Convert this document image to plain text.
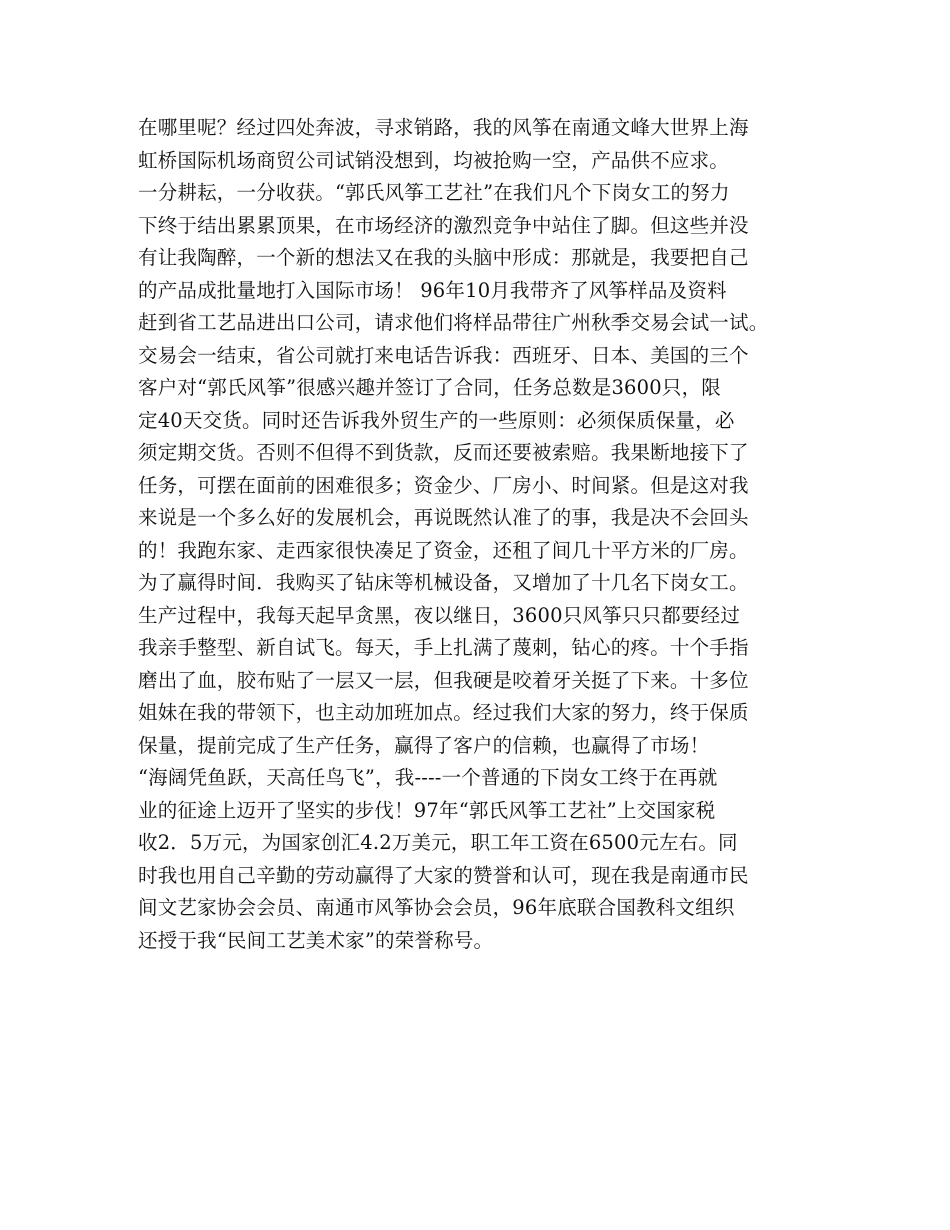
在哪里呢？经过四处奔波，寻求销路，我的风筝在南通文峰大世界上海
虹桥国际机场商贸公司试销没想到，均被抢购一空，产品供不应求。
一分耕耘，一分收获。“郭氏风筝工艺社”在我们凡个下岗女工的努力
下终于结出累累顶果，在市场经济的激烈竞争中站住了脚。但这些并没
有让我陶醉，一个新的想法又在我的头脑中形成：那就是，我要把自己
的产品成批量地打入国际市场！ 96年10月我带齐了风筝样品及资料
赶到省工艺品进出口公司，请求他们将样品带往广州秋季交易会试一试。
交易会一结束，省公司就打来电话告诉我：西班牙、日本、美国的三个
客户对“郭氏风筝”很感兴趣并签订了合同，任务总数是3600只，限
定40天交货。同时还告诉我外贸生产的一些原则：必须保质保量，必
须定期交货。否则不但得不到货款，反而还要被索赔。我果断地接下了
任务，可摆在面前的困难很多；资金少、厂房小、时间紧。但是这对我
来说是一个多么好的发展机会，再说既然认准了的事，我是决不会回头
的！我跑东家、走西家很快凑足了资金，还租了间几十平方米的厂房。
为了赢得时间．我购买了钻床等机械设备，又增加了十几名下岗女工。
生产过程中，我每天起早贪黑，夜以继日，3600只风筝只只都要经过
我亲手整型、新自试飞。每天，手上扎满了蔑刺，钻心的疼。十个手指
磨出了血，胶布贴了一层又一层，但我硬是咬着牙关挺了下来。十多位
姐妹在我的带领下，也主动加班加点。经过我们大家的努力，终于保质
保量，提前完成了生产任务，赢得了客户的信赖，也赢得了市场！
“海阔凭鱼跃，天高任鸟飞”，我----一个普通的下岗女工终于在再就
业的征途上迈开了坚实的步伐！97年“郭氏风筝工艺社”上交国家税
收2．5万元，为国家创汇4.2万美元，职工年工资在6500元左右。同
时我也用自己辛勤的劳动赢得了大家的赞誉和认可，现在我是南通市民
间文艺家协会会员、南通市风筝协会会员，96年底联合国教科文组织
还授于我“民间工艺美术家”的荣誉称号。
